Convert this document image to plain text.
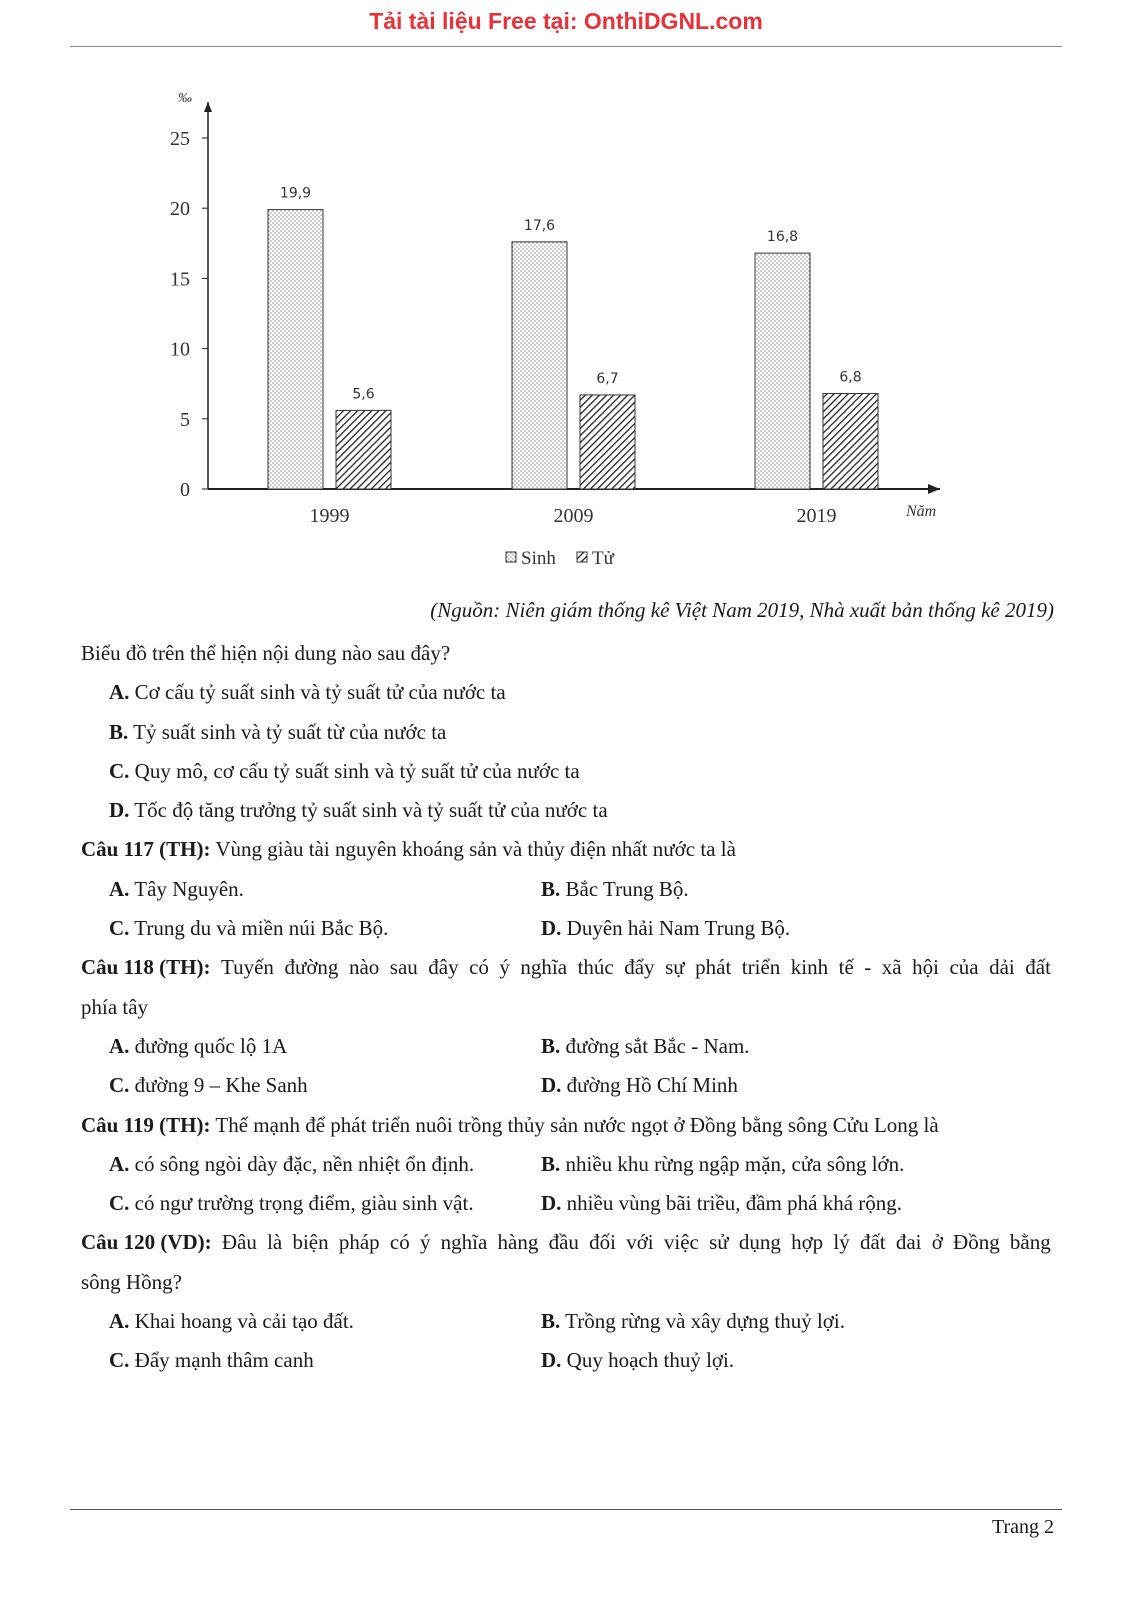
Tải tài liệu Free tại: OnthiDGNL.com
0
5
10
15
20
25
‰
Năm
19,9
5,6
1999
17,6
6,7
2009
16,8
6,8
2019
Sinh Tử
(Nguồn: Niên giám thống kê Việt Nam 2019, Nhà xuất bản thống kê 2019)
Biểu đồ trên thể hiện nội dung nào sau đây?
A. Cơ cấu tỷ suất sinh và tỷ suất tử của nước ta
B. Tỷ suất sinh và tỷ suất từ của nước ta
C. Quy mô, cơ cấu tỷ suất sinh và tỷ suất tử của nước ta
D. Tốc độ tăng trưởng tỷ suất sinh và tỷ suất tử của nước ta
Câu 117 (TH): Vùng giàu tài nguyên khoáng sản và thủy điện nhất nước ta là
A. Tây Nguyên.	B. Bắc Trung Bộ.
C. Trung du và miền núi Bắc Bộ.	D. Duyên hải Nam Trung Bộ.
Câu 118 (TH): Tuyến đường nào sau đây có ý nghĩa thúc đẩy sự phát triển kinh tế - xã hội của dải đất
phía tây
A. đường quốc lộ 1A	B. đường sắt Bắc - Nam.
C. đường 9 – Khe Sanh	D. đường Hồ Chí Minh
Câu 119 (TH): Thế mạnh để phát triển nuôi trồng thủy sản nước ngọt ở Đồng bằng sông Cửu Long là
A. có sông ngòi dày đặc, nền nhiệt ổn định.	B. nhiều khu rừng ngập mặn, cửa sông lớn.
C. có ngư trường trọng điểm, giàu sinh vật.	D. nhiều vùng bãi triều, đầm phá khá rộng.
Câu 120 (VD): Đâu là biện pháp có ý nghĩa hàng đầu đối với việc sử dụng hợp lý đất đai ở Đồng bằng
sông Hồng?
A. Khai hoang và cải tạo đất.	B. Trồng rừng và xây dựng thuỷ lợi.
C. Đẩy mạnh thâm canh	D. Quy hoạch thuỷ lợi.
Trang 2
